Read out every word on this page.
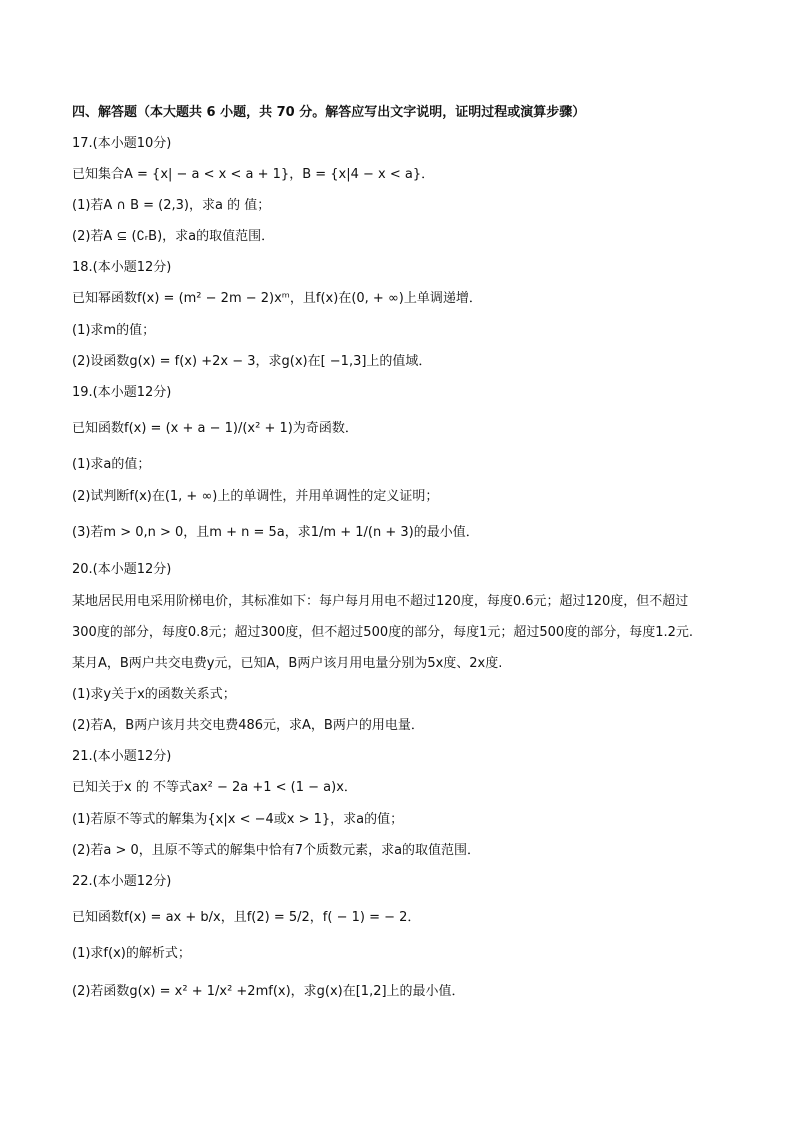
四、解答题（本大题共 6 小题，共 70 分。解答应写出文字说明，证明过程或演算步骤）
17.(本小题10分)
已知集合A = {x| − a < x < a + 1}，B = {x|4 − x < a}．
(1)若A ∩ B = (2,3)，求a 的 值；
(2)若A ⊆ (∁ᵣB)，求a的取值范围．
18.(本小题12分)
已知幂函数f(x) = (m² − 2m − 2)xᵐ，且f(x)在(0, + ∞)上单调递增．
(1)求m的值；
(2)设函数g(x) = f(x) +2x − 3，求g(x)在[ −1,3]上的值域．
19.(本小题12分)
已知函数f(x) = (x + a − 1)/(x² + 1)为奇函数．
(1)求a的值；
(2)试判断f(x)在(1, + ∞)上的单调性，并用单调性的定义证明；
(3)若m > 0,n > 0，且m + n = 5a，求1/m + 1/(n + 3)的最小值．
20.(本小题12分)
某地居民用电采用阶梯电价，其标准如下：每户每月用电不超过120度，每度0.6元；超过120度，但不超过
300度的部分，每度0.8元；超过300度，但不超过500度的部分，每度1元；超过500度的部分，每度1.2元.
某月A，B两户共交电费y元，已知A，B两户该月用电量分别为5x度、2x度.
(1)求y关于x的函数关系式；
(2)若A，B两户该月共交电费486元，求A，B两户的用电量．
21.(本小题12分)
已知关于x 的 不等式ax² − 2a +1 < (1 − a)x．
(1)若原不等式的解集为{x|x < −4或x > 1}，求a的值；
(2)若a > 0，且原不等式的解集中恰有7个质数元素，求a的取值范围．
22.(本小题12分)
已知函数f(x) = ax + b/x，且f(2) = 5/2，f( − 1) = − 2．
(1)求f(x)的解析式；
(2)若函数g(x) = x² + 1/x² +2mf(x)，求g(x)在[1,2]上的最小值．
